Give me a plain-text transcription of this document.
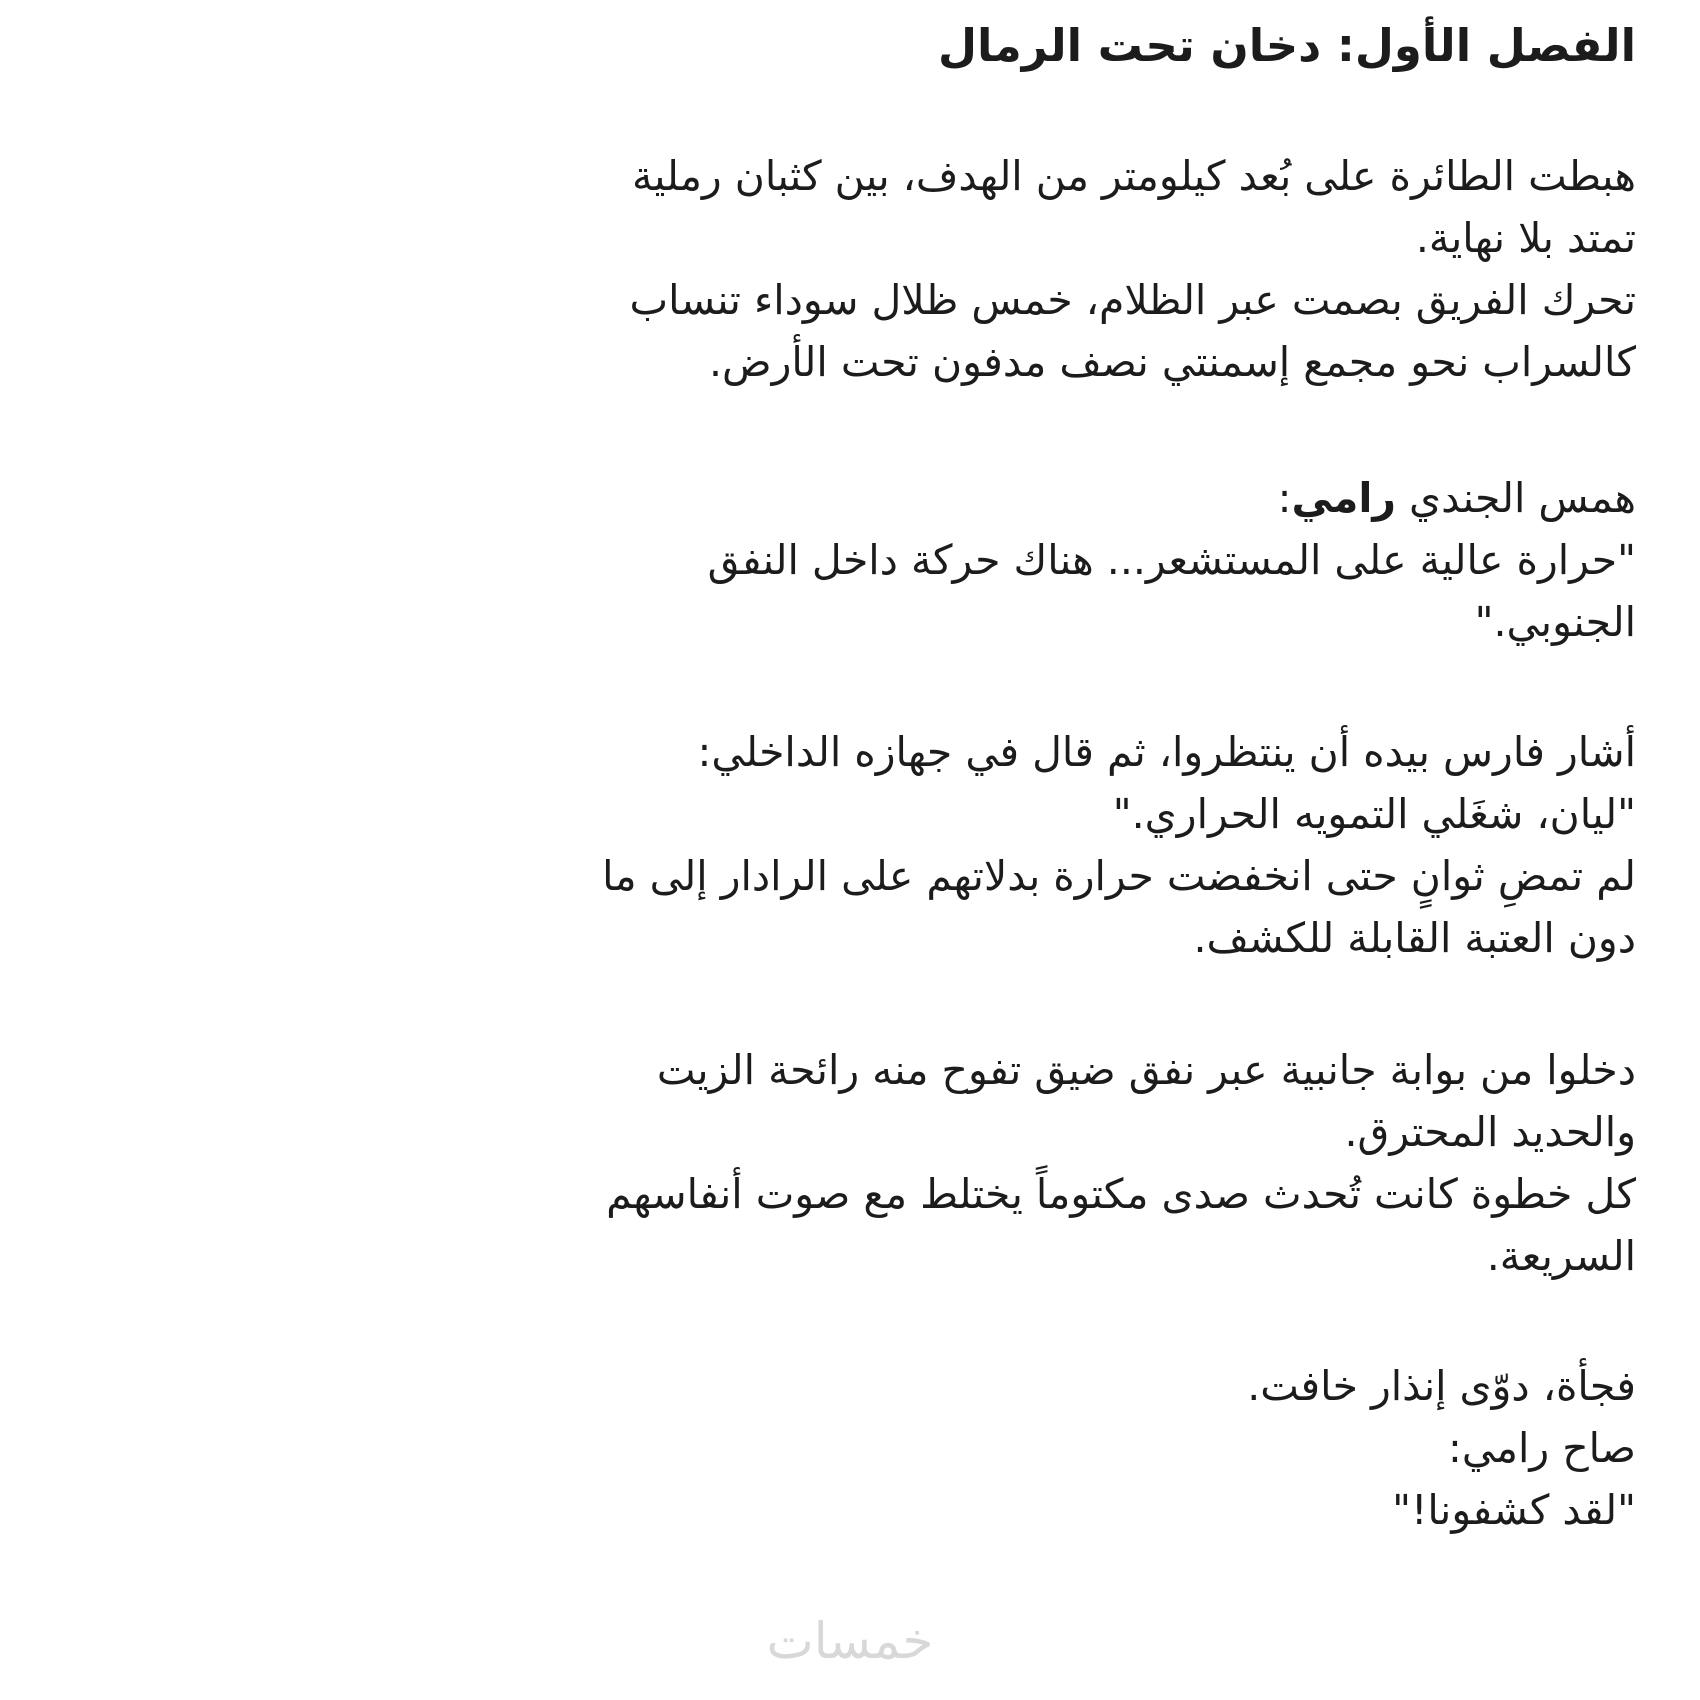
الفصل الأول: دخان تحت الرمال
هبطت الطائرة على بُعد كيلومتر من الهدف، بين كثبان رملية
تمتد بلا نهاية.
تحرك الفريق بصمت عبر الظلام، خمس ظلال سوداء تنساب
كالسراب نحو مجمع إسمنتي نصف مدفون تحت الأرض.
همس الجندي رامي:
"حرارة عالية على المستشعر... هناك حركة داخل النفق
الجنوبي."
أشار فارس بيده أن ينتظروا، ثم قال في جهازه الداخلي:
"ليان، شغَلي التمويه الحراري."
لم تمضِ ثوانٍ حتى انخفضت حرارة بدلاتهم على الرادار إلى ما
دون العتبة القابلة للكشف.
دخلوا من بوابة جانبية عبر نفق ضيق تفوح منه رائحة الزيت
والحديد المحترق.
كل خطوة كانت تُحدث صدى مكتوماً يختلط مع صوت أنفاسهم
السريعة.
فجأة، دوّى إنذار خافت.
صاح رامي:
"لقد كشفونا!"
خمسات
